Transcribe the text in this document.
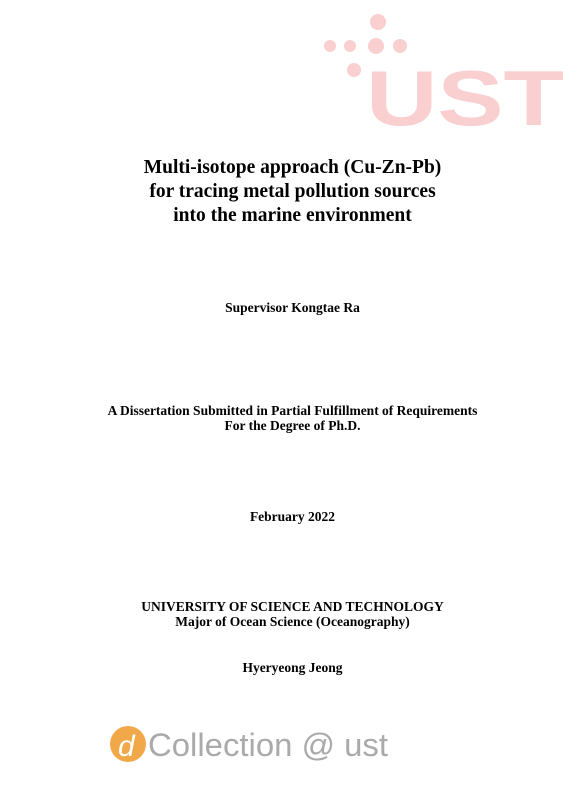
UST
Multi-isotope approach (Cu-Zn-Pb)
for tracing metal pollution sources
into the marine environment
Supervisor Kongtae Ra
A Dissertation Submitted in Partial Fulfillment of Requirements
For the Degree of Ph.D.
February 2022
UNIVERSITY OF SCIENCE AND TECHNOLOGY
Major of Ocean Science (Oceanography)
Hyeryeong Jeong
d Collection @ ust
